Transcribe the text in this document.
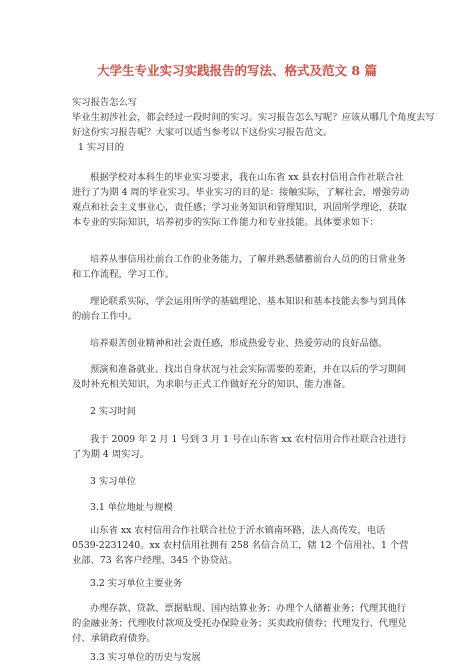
大学生专业实习实践报告的写法、格式及范文 8 篇

实习报告怎么写

毕业生初涉社会，都会经过一段时间的实习。实习报告怎么写呢？应该从哪几个角度去写

好这份实习报告呢？大家可以适当参考以下这份实习报告范文。

1 实习目的

根据学校对本科生的毕业实习要求，我在山东省 xx 县农村信用合作社联合社进行了为期 4 周的毕业实习。毕业实习的目的是：接触实际，了解社会，增强劳动观点和社会主义事业心，责任感；学习业务知识和管理知识，巩固所学理论，获取本专业的实际知识，培养初步的实际工作能力和专业技能。具体要求如下：

培养从事信用社前台工作的业务能力，了解并熟悉储蓄前台人员的的日常业务和工作流程，学习工作。

理论联系实际，学会运用所学的基础理论、基本知识和基本技能去参与到具体的前台工作中。

培养艰苦创业精神和社会责任感，形成热爱专业、热爱劳动的良好品德。

预演和准备就业。找出自身状况与社会实际需要的差距，并在以后的学习期间及时补充相关知识，为求职与正式工作做好充分的知识、能力准备。

2 实习时间

我于 2009 年 2 月 1 号到 3 月 1 号在山东省 xx 农村信用合作社联合社进行了为期 4 周实习。

3 实习单位
3.1 单位地址与规模

山东省 xx 农村信用合作社联合社位于沂水镇南环路，法人高传发，电话 0539-2231240。xx 农村信用社拥有 258 名信合员工，辖 12 个信用社、1 个营业部、73 名客户经理、345 个协贷站。

3.2 实习单位主要业务

办理存款、贷款、票据贴现、国内结算业务；办理个人储蓄业务；代理其他行的金融业务；代理收付款项及受托办保险业务；买卖政府债券；代理发行、代理兑付、承销政府债券。

3.3 实习单位的历史与发展
